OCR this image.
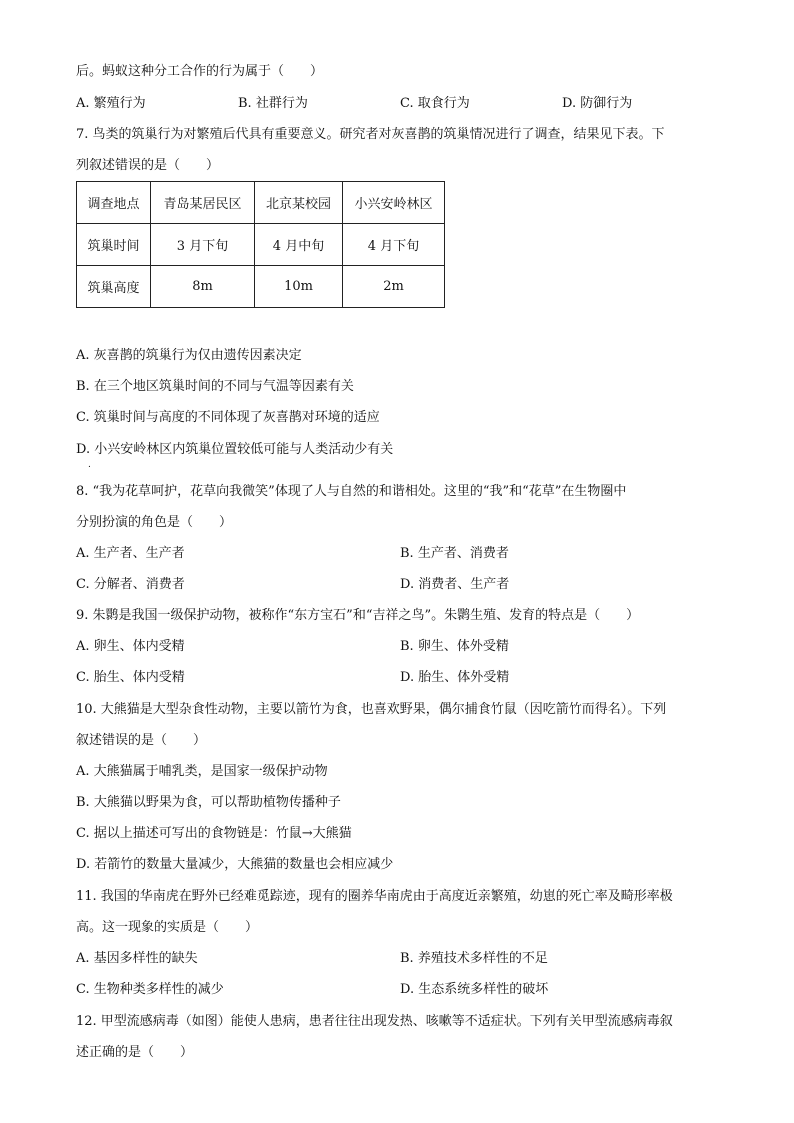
后。蚂蚁这种分工合作的行为属于（　　）
A. 繁殖行为	B. 社群行为	C. 取食行为	D. 防御行为
7. 鸟类的筑巢行为对繁殖后代具有重要意义。研究者对灰喜鹊的筑巢情况进行了调查，结果见下表。下
列叙述错误的是（　　）
调查地点	青岛某居民区	北京某校园	小兴安岭林区
筑巢时间	3 月下旬	4 月中旬	4 月下旬
筑巢高度	8m	10m	2m
A. 灰喜鹊的筑巢行为仅由遗传因素决定
B. 在三个地区筑巢时间的不同与气温等因素有关
C. 筑巢时间与高度的不同体现了灰喜鹊对环境的适应
D. 小兴安岭林区内筑巢位置较低可能与人类活动少有关
.
8. “我为花草呵护，花草向我微笑”体现了人与自然的和谐相处。这里的“我”和“花草”在生物圈中
分别扮演的角色是（　　）
A. 生产者、生产者	B. 生产者、消费者
C. 分解者、消费者	D. 消费者、生产者
9. 朱鹮是我国一级保护动物，被称作“东方宝石”和“吉祥之鸟”。朱鹮生殖、发育的特点是（　　）
A. 卵生、体内受精	B. 卵生、体外受精
C. 胎生、体内受精	D. 胎生、体外受精
10. 大熊猫是大型杂食性动物，主要以箭竹为食，也喜欢野果，偶尔捕食竹鼠（因吃箭竹而得名）。下列
叙述错误的是（　　）
A. 大熊猫属于哺乳类，是国家一级保护动物
B. 大熊猫以野果为食，可以帮助植物传播种子
C. 据以上描述可写出的食物链是：竹鼠→大熊猫
D. 若箭竹的数量大量减少，大熊猫的数量也会相应减少
11. 我国的华南虎在野外已经难觅踪迹，现有的圈养华南虎由于高度近亲繁殖，幼崽的死亡率及畸形率极
高。这一现象的实质是（　　）
A. 基因多样性的缺失	B. 养殖技术多样性的不足
C. 生物种类多样性的减少	D. 生态系统多样性的破坏
12. 甲型流感病毒（如图）能使人患病，患者往往出现发热、咳嗽等不适症状。下列有关甲型流感病毒叙
述正确的是（　　）
